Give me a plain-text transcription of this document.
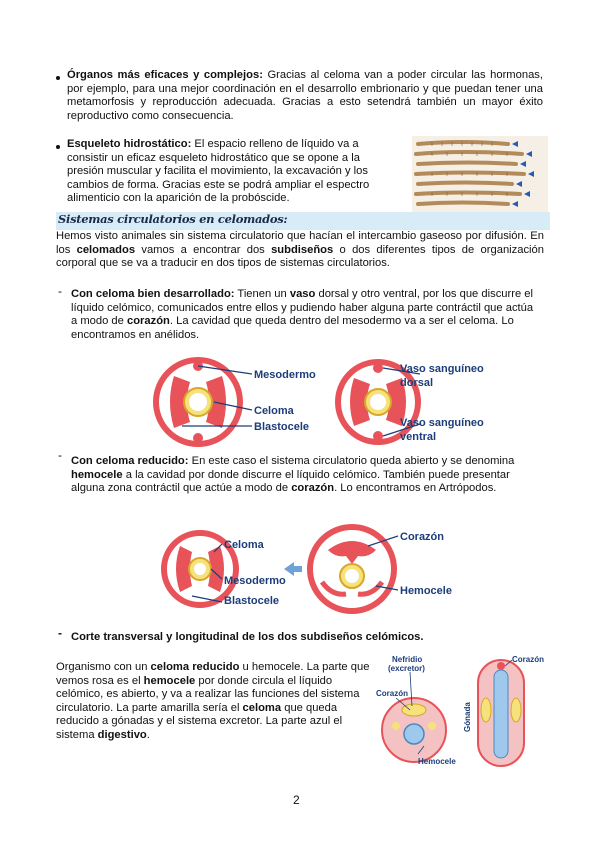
Órganos más eficaces y complejos: Gracias al celoma van a poder circular las hormonas, por ejemplo, para una mejor coordinación en el desarrollo embrionario y que puedan tener una metamorfosis y reproducción adecuada. Gracias a esto setendrá también un mayor éxito reproductivo como consecuencia.

Esqueleto hidrostático: El espacio relleno de líquido va a consistir un eficaz esqueleto hidrostático que se opone a la presión muscular y facilita el movimiento, la excavación y los cambios de forma. Gracias este se podrá ampliar el espectro alimenticio con la aparición de la probóscide.

Sistemas circulatorios en celomados:

Hemos visto animales sin sistema circulatorio que hacían el intercambio gaseoso por difusión. En los celomados vamos a encontrar dos subdiseños o dos diferentes tipos de organización corporal que se va a traducir en dos tipos de sistemas circulatorios.

- Con celoma bien desarrollado: Tienen un vaso dorsal y otro ventral, por los que discurre el líquido celómico, comunicados entre ellos y pudiendo haber alguna parte contráctil que actúa a modo de corazón. La cavidad que queda dentro del mesodermo va a ser el celoma. Lo encontramos en anélidos.

Mesodermo
Celoma
Blastocele
Vaso sanguíneo
dorsal
Vaso sanguíneo
ventral
- Con celoma reducido: En este caso el sistema circulatorio queda abierto y se denomina hemocele a la cavidad por donde discurre el líquido celómico. También puede presentar alguna zona contráctil que actúe a modo de corazón. Lo encontramos en Artrópodos.

Celoma
Mesodermo
Blastocele
Corazón
Hemocele
- Corte transversal y longitudinal de los dos subdiseños celómicos.

Organismo con un celoma reducido u hemocele. La parte que vemos rosa es el hemocele por donde circula el líquido celómico, es abierto, y va a realizar las funciones del sistema circulatorio. La parte amarilla sería el celoma que queda reducido a gónadas y el sistema excretor. La parte azul el sistema digestivo.

Nefridio
(excretor)
Corazón
Corazón
Gónada
Hemocele
2
